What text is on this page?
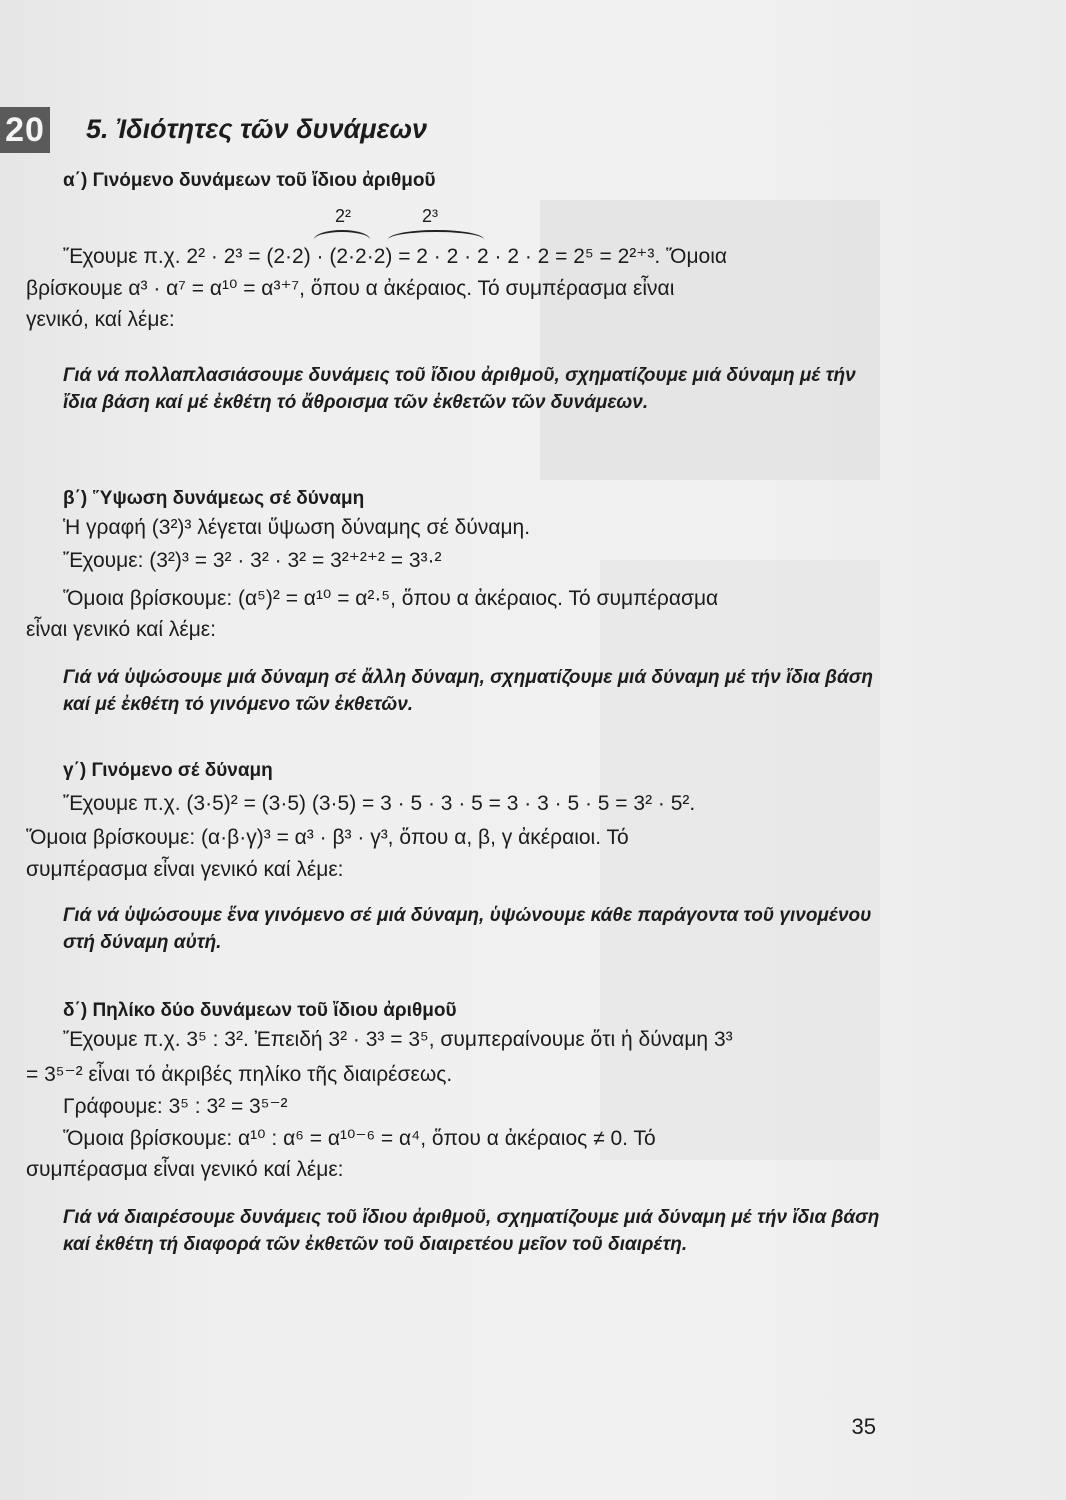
20 5. Ἰδιότητες τῶν δυνάμεων
α΄) Γινόμενο δυνάμεων τοῦ ἴδιου ἀριθμοῦ
2²	2³
Ἔχουμε π.χ. 2² · 2³ = (2·2) · (2·2·2) = 2 · 2 · 2 · 2 · 2 = 2⁵ = 2²⁺³. Ὅμοια
βρίσκουμε α³ · α⁷ = α¹⁰ = α³⁺⁷, ὅπου α ἀκέραιος. Τό συμπέρασμα εἶναι
γενικό, καί λέμε:
Γιά νά πολλαπλασιάσουμε δυνάμεις τοῦ ἴδιου ἀριθμοῦ, σχηματίζουμε μιά δύναμη μέ τήν ἴδια βάση καί μέ ἐκθέτη τό ἄθροισμα τῶν ἐκθετῶν τῶν δυνάμεων.
β΄) Ὕψωση δυνάμεως σέ δύναμη
Ἡ γραφή (3²)³ λέγεται ὕψωση δύναμης σέ δύναμη.
Ἔχουμε: (3²)³ = 3² · 3² · 3² = 3²⁺²⁺² = 3³·²
Ὅμοια βρίσκουμε: (α⁵)² = α¹⁰ = α²·⁵, ὅπου α ἀκέραιος. Τό συμπέρασμα
εἶναι γενικό καί λέμε:
Γιά νά ὑψώσουμε μιά δύναμη σέ ἄλλη δύναμη, σχηματίζουμε μιά δύναμη μέ τήν ἴδια βάση καί μέ ἐκθέτη τό γινόμενο τῶν ἐκθετῶν.
γ΄) Γινόμενο σέ δύναμη
Ἔχουμε π.χ. (3·5)² = (3·5) (3·5) = 3 · 5 · 3 · 5 = 3 · 3 · 5 · 5 = 3² · 5².
Ὅμοια βρίσκουμε: (α·β·γ)³ = α³ · β³ · γ³, ὅπου α, β, γ ἀκέραιοι. Τό
συμπέρασμα εἶναι γενικό καί λέμε:
Γιά νά ὑψώσουμε ἕνα γινόμενο σέ μιά δύναμη, ὑψώνουμε κάθε παράγοντα τοῦ γινομένου στή δύναμη αὐτή.
δ΄) Πηλίκο δύο δυνάμεων τοῦ ἴδιου ἀριθμοῦ
Ἔχουμε π.χ. 3⁵ : 3². Ἐπειδή 3² · 3³ = 3⁵, συμπεραίνουμε ὅτι ἡ δύναμη 3³
= 3⁵⁻² εἶναι τό ἀκριβές πηλίκο τῆς διαιρέσεως.
Γράφουμε: 3⁵ : 3² = 3⁵⁻²
Ὅμοια βρίσκουμε: α¹⁰ : α⁶ = α¹⁰⁻⁶ = α⁴, ὅπου α ἀκέραιος ≠ 0. Τό
συμπέρασμα εἶναι γενικό καί λέμε:
Γιά νά διαιρέσουμε δυνάμεις τοῦ ἴδιου ἀριθμοῦ, σχηματίζουμε μιά δύναμη μέ τήν ἴδια βάση καί ἐκθέτη τή διαφορά τῶν ἐκθετῶν τοῦ διαιρετέου μεῖον τοῦ διαιρέτη.
35
